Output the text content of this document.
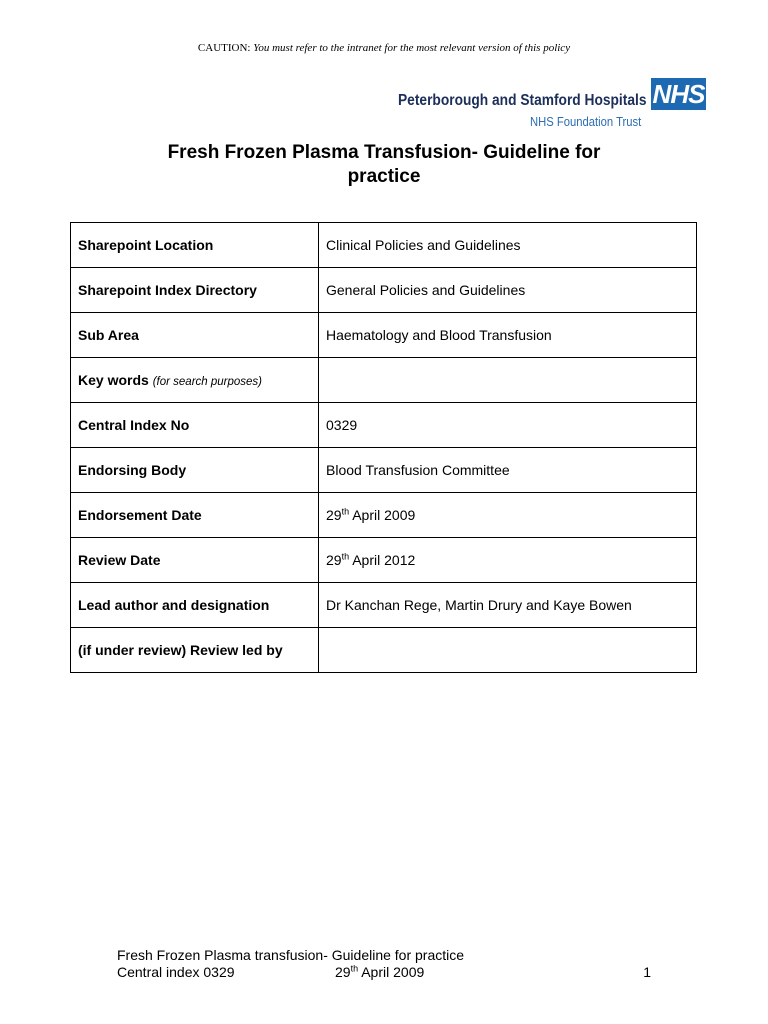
CAUTION: You must refer to the intranet for the most relevant version of this policy
Peterborough and Stamford Hospitals
NHS Foundation Trust
NHS
Fresh Frozen Plasma Transfusion- Guideline for practice
Sharepoint Location	Clinical Policies and Guidelines
Sharepoint Index Directory	General Policies and Guidelines
Sub Area	Haematology and Blood Transfusion
Key words (for search purposes)	
Central Index No	0329
Endorsing Body	Blood Transfusion Committee
Endorsement Date	29th April 2009
Review Date	29th April 2012
Lead author and designation	Dr Kanchan Rege, Martin Drury and Kaye Bowen
(if under review) Review led by	
Fresh Frozen Plasma transfusion- Guideline for practice
Central index 0329	29th April 2009	1
